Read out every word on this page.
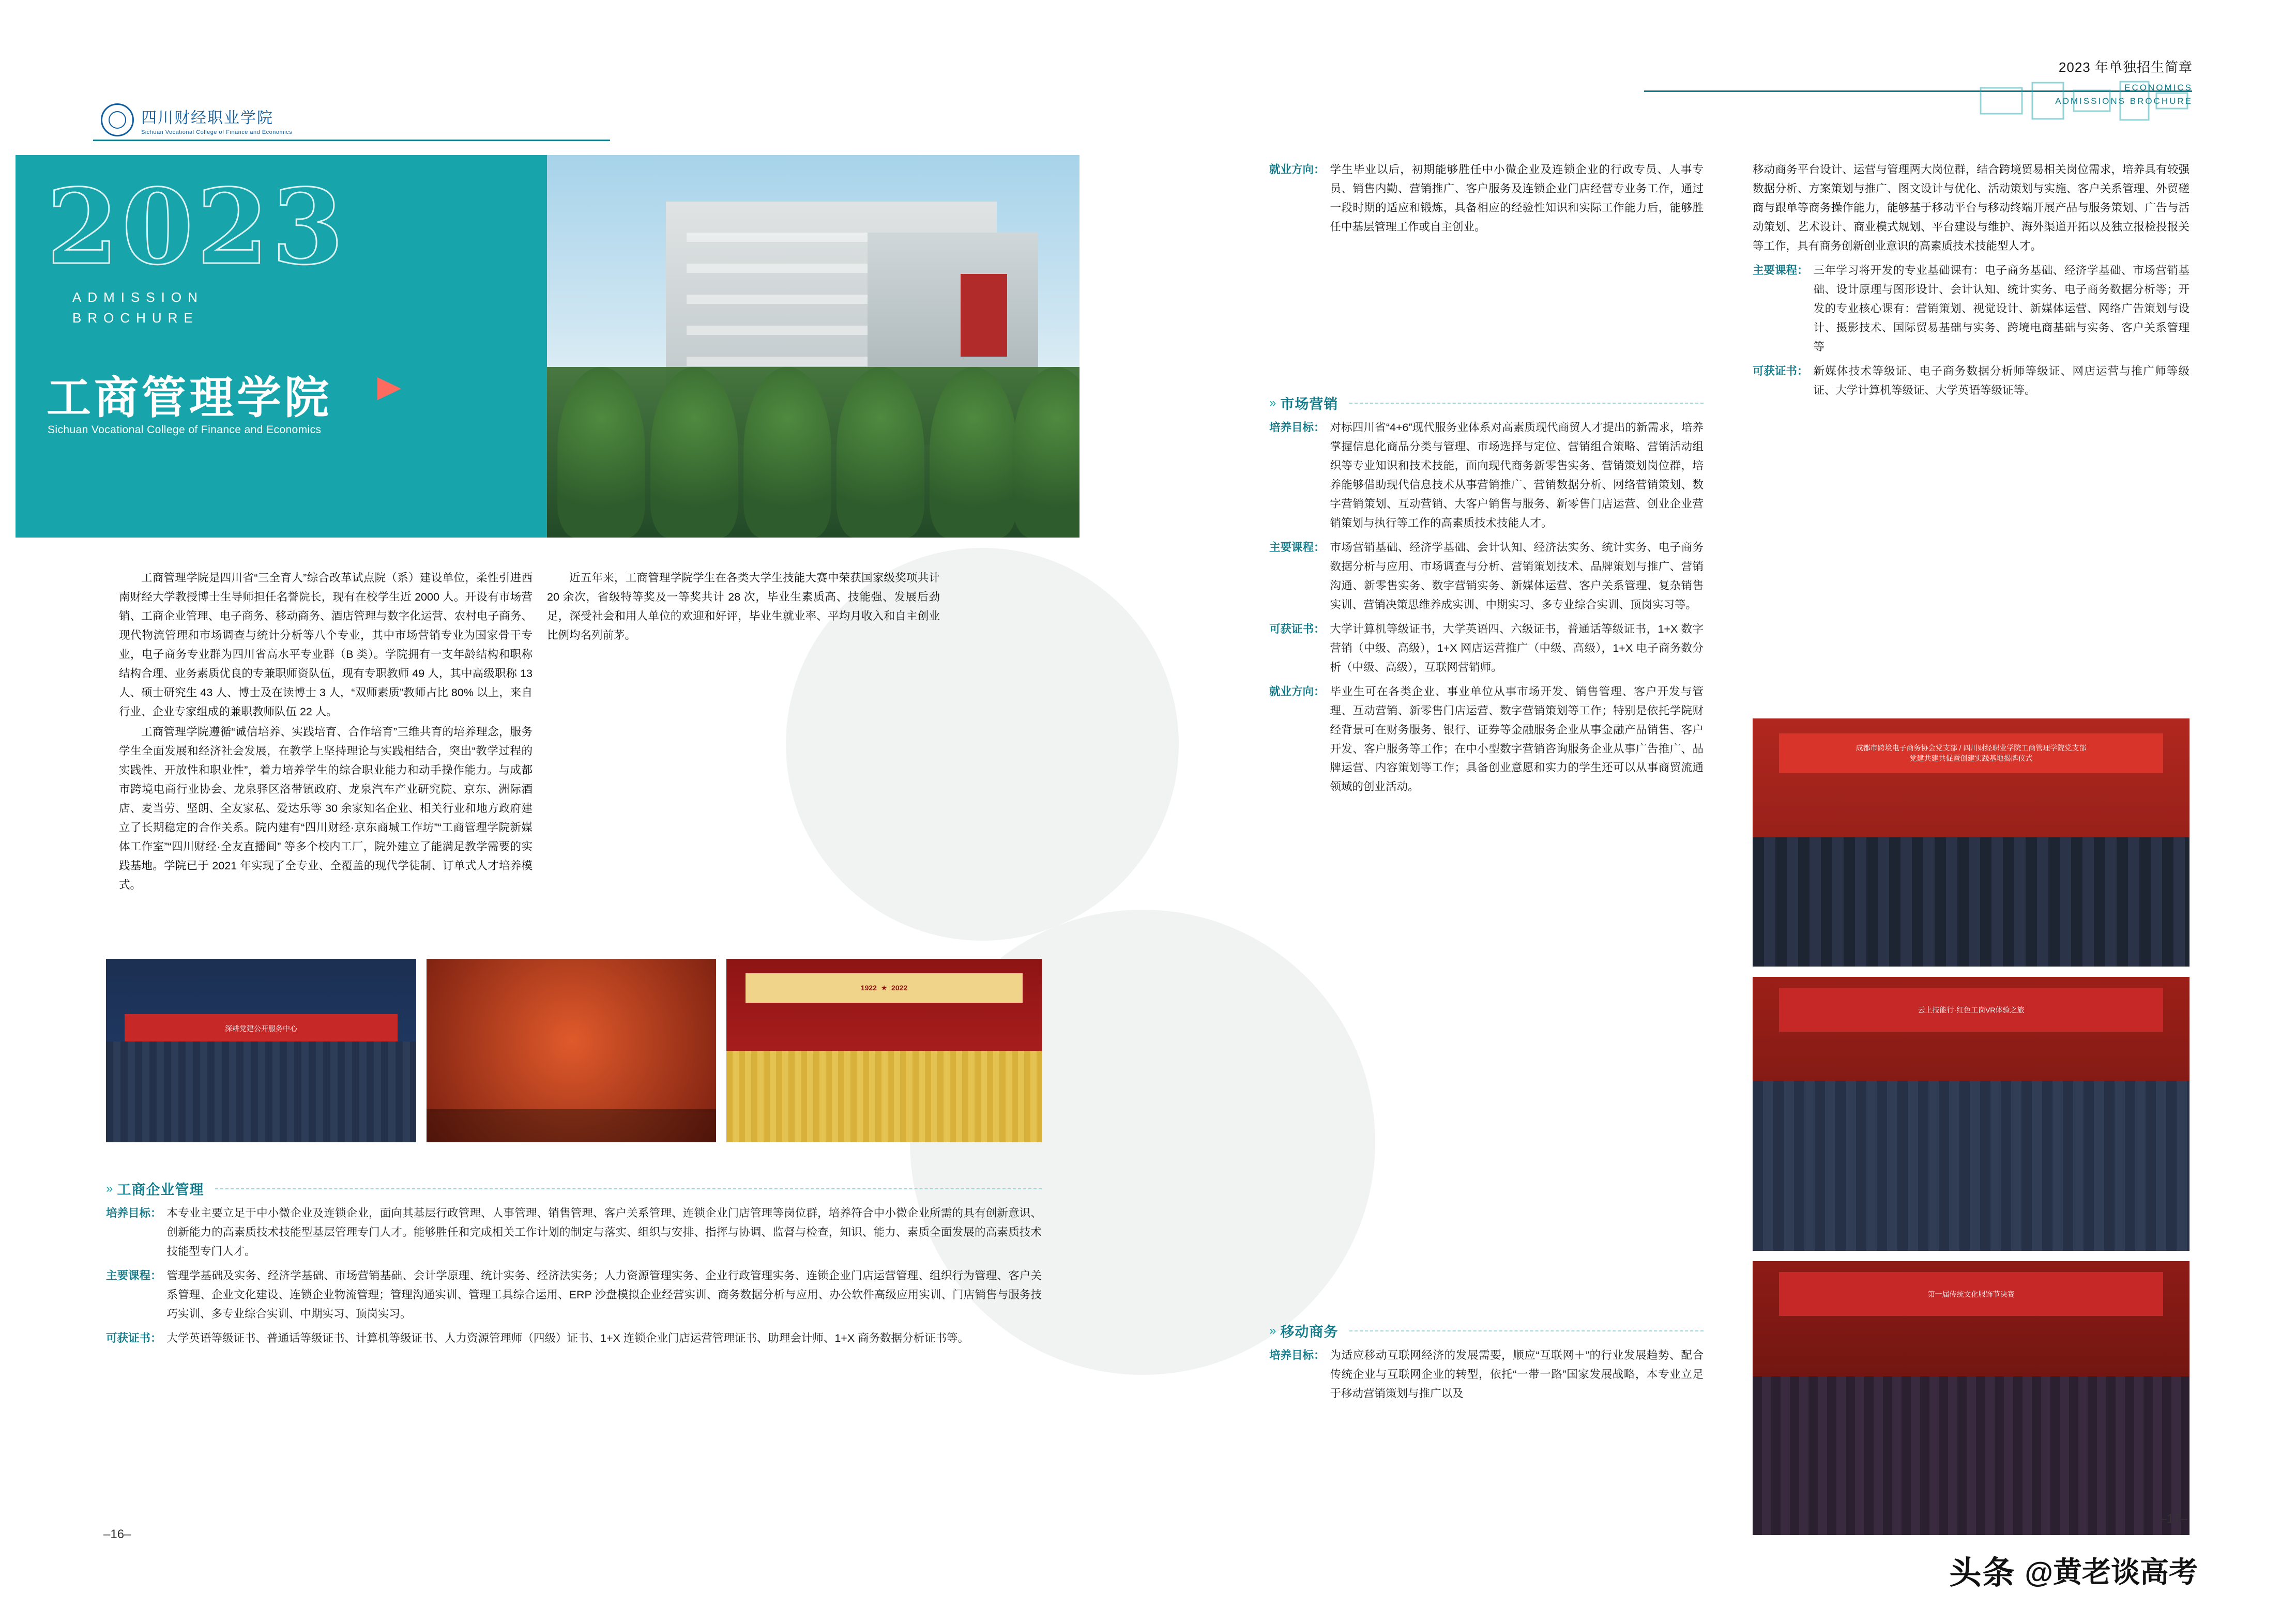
四川财经职业学院
Sichuan Vocational College of Finance and Economics
2023 年单独招生简章
ECONOMICS
ADMISSIONS BROCHURE
2023
ADMISSION
BROCHURE
工商管理学院
Sichuan Vocational College of Finance and Economics

工商管理学院是四川省“三全育人”综合改革试点院（系）建设单位，柔性引进西南财经大学教授博士生导师担任名誉院长，现有在校学生近 2000 人。开设有市场营销、工商企业管理、电子商务、移动商务、酒店管理与数字化运营、农村电子商务、现代物流管理和市场调查与统计分析等八个专业，其中市场营销专业为国家骨干专业，电子商务专业群为四川省高水平专业群（B 类）。学院拥有一支年龄结构和职称结构合理、业务素质优良的专兼职师资队伍，现有专职教师 49 人，其中高级职称 13 人、硕士研究生 43 人、博士及在读博士 3 人，“双师素质”教师占比 80% 以上，来自行业、企业专家组成的兼职教师队伍 22 人。

工商管理学院遵循“诚信培养、实践培育、合作培育”三维共育的培养理念，服务学生全面发展和经济社会发展，在教学上坚持理论与实践相结合，突出“教学过程的实践性、开放性和职业性”，着力培养学生的综合职业能力和动手操作能力。与成都市跨境电商行业协会、龙泉驿区洛带镇政府、龙泉汽车产业研究院、京东、洲际酒店、麦当劳、坚朗、全友家私、爱达乐等 30 余家知名企业、相关行业和地方政府建立了长期稳定的合作关系。院内建有“四川财经·京东商城工作坊”“工商管理学院新媒体工作室”“四川财经·全友直播间” 等多个校内工厂，院外建立了能满足教学需要的实践基地。学院已于 2021 年实现了全专业、全覆盖的现代学徒制、订单式人才培养模式。

近五年来，工商管理学院学生在各类大学生技能大赛中荣获国家级奖项共计 20 余次，省级特等奖及一等奖共计 28 次，毕业生素质高、技能强、发展后劲足，深受社会和用人单位的欢迎和好评，毕业生就业率、平均月收入和自主创业比例均名列前茅。

深耕党建公开服务中心
1922  ★  2022
» 工商企业管理
培养目标： 本专业主要立足于中小微企业及连锁企业，面向其基层行政管理、人事管理、销售管理、客户关系管理、连锁企业门店管理等岗位群，培养符合中小微企业所需的具有创新意识、创新能力的高素质技术技能型基层管理专门人才。能够胜任和完成相关工作计划的制定与落实、组织与安排、指挥与协调、监督与检查，知识、能力、素质全面发展的高素质技术技能型专门人才。
主要课程： 管理学基础及实务、经济学基础、市场营销基础、会计学原理、统计实务、经济法实务；人力资源管理实务、企业行政管理实务、连锁企业门店运营管理、组织行为管理、客户关系管理、企业文化建设、连锁企业物流管理；管理沟通实训、管理工具综合运用、ERP 沙盘模拟企业经营实训、商务数据分析与应用、办公软件高级应用实训、门店销售与服务技巧实训、多专业综合实训、中期实习、顶岗实习。
可获证书： 大学英语等级证书、普通话等级证书、计算机等级证书、人力资源管理师（四级）证书、1+X 连锁企业门店运营管理证书、助理会计师、1+X 商务数据分析证书等。
就业方向： 学生毕业以后，初期能够胜任中小微企业及连锁企业的行政专员、人事专员、销售内勤、营销推广、客户服务及连锁企业门店经营专业务工作，通过一段时期的适应和锻炼，具备相应的经验性知识和实际工作能力后，能够胜任中基层管理工作或自主创业。
» 市场营销
培养目标： 对标四川省“4+6”现代服务业体系对高素质现代商贸人才提出的新需求，培养掌握信息化商品分类与管理、市场选择与定位、营销组合策略、营销活动组织等专业知识和技术技能，面向现代商务新零售实务、营销策划岗位群，培养能够借助现代信息技术从事营销推广、营销数据分析、网络营销策划、数字营销策划、互动营销、大客户销售与服务、新零售门店运营、创业企业营销策划与执行等工作的高素质技术技能人才。
主要课程： 市场营销基础、经济学基础、会计认知、经济法实务、统计实务、电子商务数据分析与应用、市场调查与分析、营销策划技术、品牌策划与推广、营销沟通、新零售实务、数字营销实务、新媒体运营、客户关系管理、复杂销售实训、营销决策思维养成实训、中期实习、多专业综合实训、顶岗实习等。
可获证书： 大学计算机等级证书，大学英语四、六级证书，普通话等级证书，1+X 数字营销（中级、高级），1+X 网店运营推广（中级、高级），1+X 电子商务数分析（中级、高级），互联网营销师。
就业方向： 毕业生可在各类企业、事业单位从事市场开发、销售管理、客户开发与管理、互动营销、新零售门店运营、数字营销策划等工作；特别是依托学院财经背景可在财务服务、银行、证券等金融服务企业从事金融产品销售、客户开发、客户服务等工作；在中小型数字营销咨询服务企业从事广告推广、品牌运营、内容策划等工作；具备创业意愿和实力的学生还可以从事商贸流通领域的创业活动。
» 移动商务
培养目标： 为适应移动互联网经济的发展需要，顺应“互联网＋”的行业发展趋势、配合传统企业与互联网企业的转型，依托“一带一路”国家发展战略，本专业立足于移动营销策划与推广以及
移动商务平台设计、运营与管理两大岗位群，结合跨境贸易相关岗位需求，培养具有较强数据分析、方案策划与推广、图文设计与优化、活动策划与实施、客户关系管理、外贸磋商与跟单等商务操作能力，能够基于移动平台与移动终端开展产品与服务策划、广告与活动策划、艺术设计、商业模式规划、平台建设与维护、海外渠道开拓以及独立报检投报关等工作，具有商务创新创业意识的高素质技术技能型人才。
主要课程： 三年学习将开发的专业基础课有：电子商务基础、经济学基础、市场营销基础、设计原理与图形设计、会计认知、统计实务、电子商务数据分析等；开发的专业核心课有：营销策划、视觉设计、新媒体运营、网络广告策划与设计、摄影技术、国际贸易基础与实务、跨境电商基础与实务、客户关系管理等
可获证书： 新媒体技术等级证、电子商务数据分析师等级证、网店运营与推广师等级证、大学计算机等级证、大学英语等级证等。
成都市跨境电子商务协会党支部 / 四川财经职业学院工商管理学院党支部
党建共建共促暨创建实践基地揭牌仪式
云上技能行·红色工岗VR体验之旅
第一届传统文化服饰节决赛
–16–
–17–
头条 @黄老谈高考
